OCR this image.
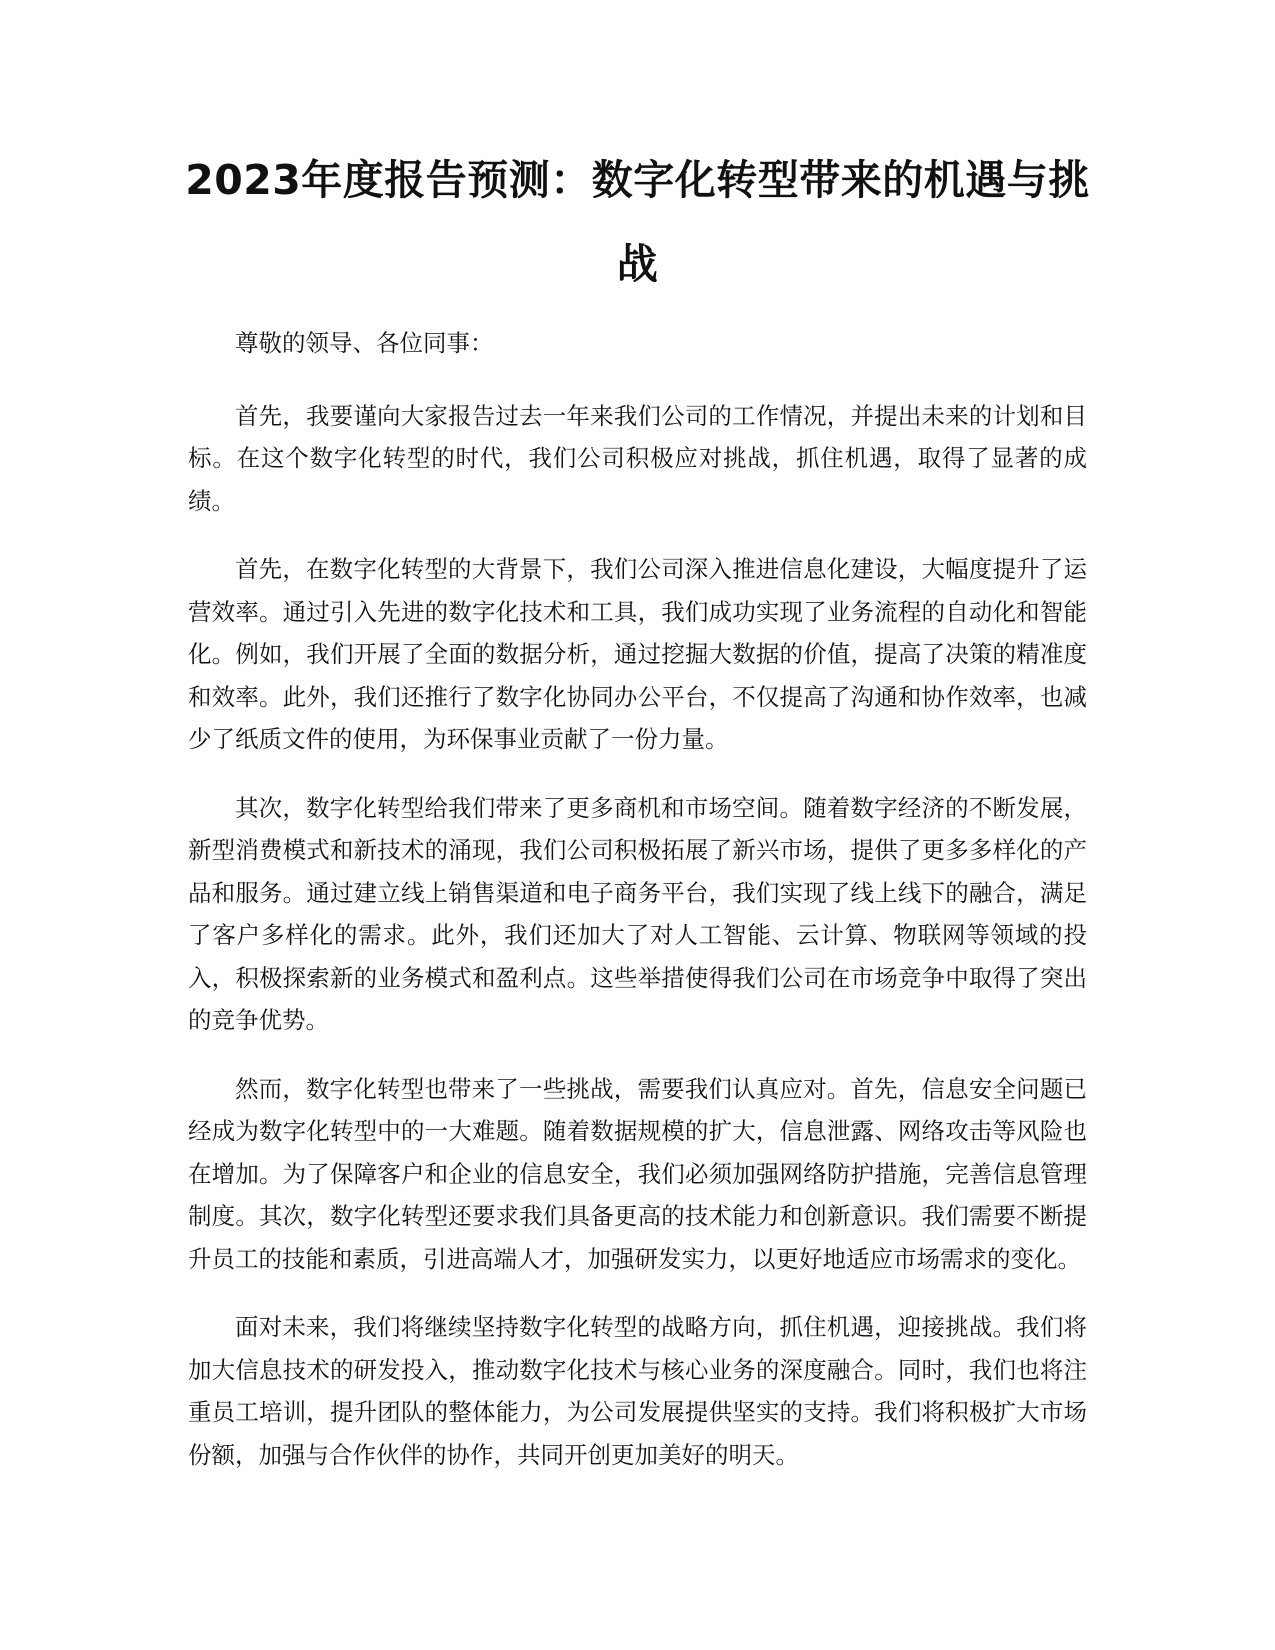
2023年度报告预测：数字化转型带来的机遇与挑战

尊敬的领导、各位同事：

首先，我要谨向大家报告过去一年来我们公司的工作情况，并提出未来的计划和目标。在这个数字化转型的时代，我们公司积极应对挑战，抓住机遇，取得了显著的成绩。

首先，在数字化转型的大背景下，我们公司深入推进信息化建设，大幅度提升了运营效率。通过引入先进的数字化技术和工具，我们成功实现了业务流程的自动化和智能化。例如，我们开展了全面的数据分析，通过挖掘大数据的价值，提高了决策的精准度和效率。此外，我们还推行了数字化协同办公平台，不仅提高了沟通和协作效率，也减少了纸质文件的使用，为环保事业贡献了一份力量。

其次，数字化转型给我们带来了更多商机和市场空间。随着数字经济的不断发展，新型消费模式和新技术的涌现，我们公司积极拓展了新兴市场，提供了更多多样化的产品和服务。通过建立线上销售渠道和电子商务平台，我们实现了线上线下的融合，满足了客户多样化的需求。此外，我们还加大了对人工智能、云计算、物联网等领域的投入，积极探索新的业务模式和盈利点。这些举措使得我们公司在市场竞争中取得了突出的竞争优势。

然而，数字化转型也带来了一些挑战，需要我们认真应对。首先，信息安全问题已经成为数字化转型中的一大难题。随着数据规模的扩大，信息泄露、网络攻击等风险也在增加。为了保障客户和企业的信息安全，我们必须加强网络防护措施，完善信息管理制度。其次，数字化转型还要求我们具备更高的技术能力和创新意识。我们需要不断提升员工的技能和素质，引进高端人才，加强研发实力，以更好地适应市场需求的变化。

面对未来，我们将继续坚持数字化转型的战略方向，抓住机遇，迎接挑战。我们将加大信息技术的研发投入，推动数字化技术与核心业务的深度融合。同时，我们也将注重员工培训，提升团队的整体能力，为公司发展提供坚实的支持。我们将积极扩大市场份额，加强与合作伙伴的协作，共同开创更加美好的明天。
